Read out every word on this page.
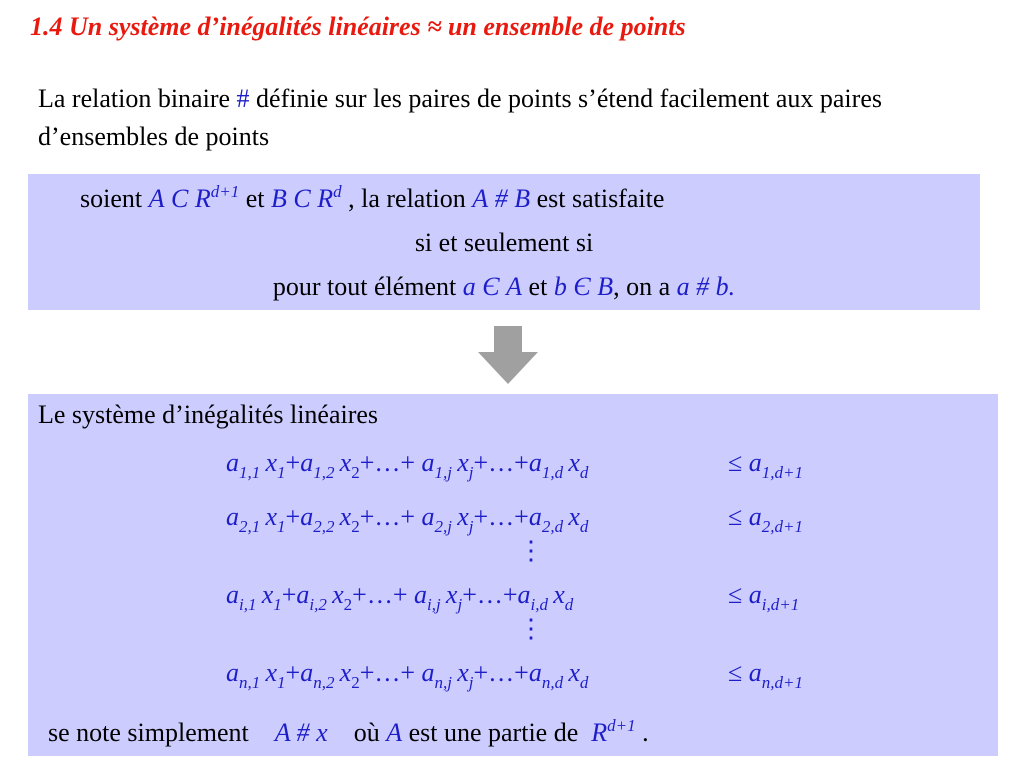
1.4 Un système d’inégalités linéaires ≈ un ensemble de points
La relation binaire # définie sur les paires de points s’étend facilement aux paires d’ensembles de points
soient A C $R^{d+1}$ et B C $R^d$ , la relation A # B est satisfaite
si et seulement si
pour tout élément a Є A et b Є B, on a a # b.
Le système d’inégalités linéaires
$a_{1,1}$  $x_1+a_{1,2}$  $x_2+\dots+ a_{1,j}$  $x_j+\dots+a_{1,d}$  $x_d$	≤ $a_{1,d+1}$
$a_{2,1}$  $x_1+a_{2,2}$  $x_2+\dots+ a_{2,j}$  $x_j+\dots+a_{2,d}$  $x_d$	≤ $a_{2,d+1}$
⋮
$a_{i,1}$  $x_1+a_{i,2}$  $x_2+\dots+ a_{i,j}$  $x_j+\dots+a_{i,d}$  $x_d$	≤ $a_{i,d+1}$
⋮
$a_{n,1}$  $x_1+a_{n,2}$  $x_2+\dots+ a_{n,j}$  $x_j+\dots+a_{n,d}$  $x_d$	≤ $a_{n,d+1}$
se note simplement    A # x où A est une partie de  $R^{d+1}$ .
